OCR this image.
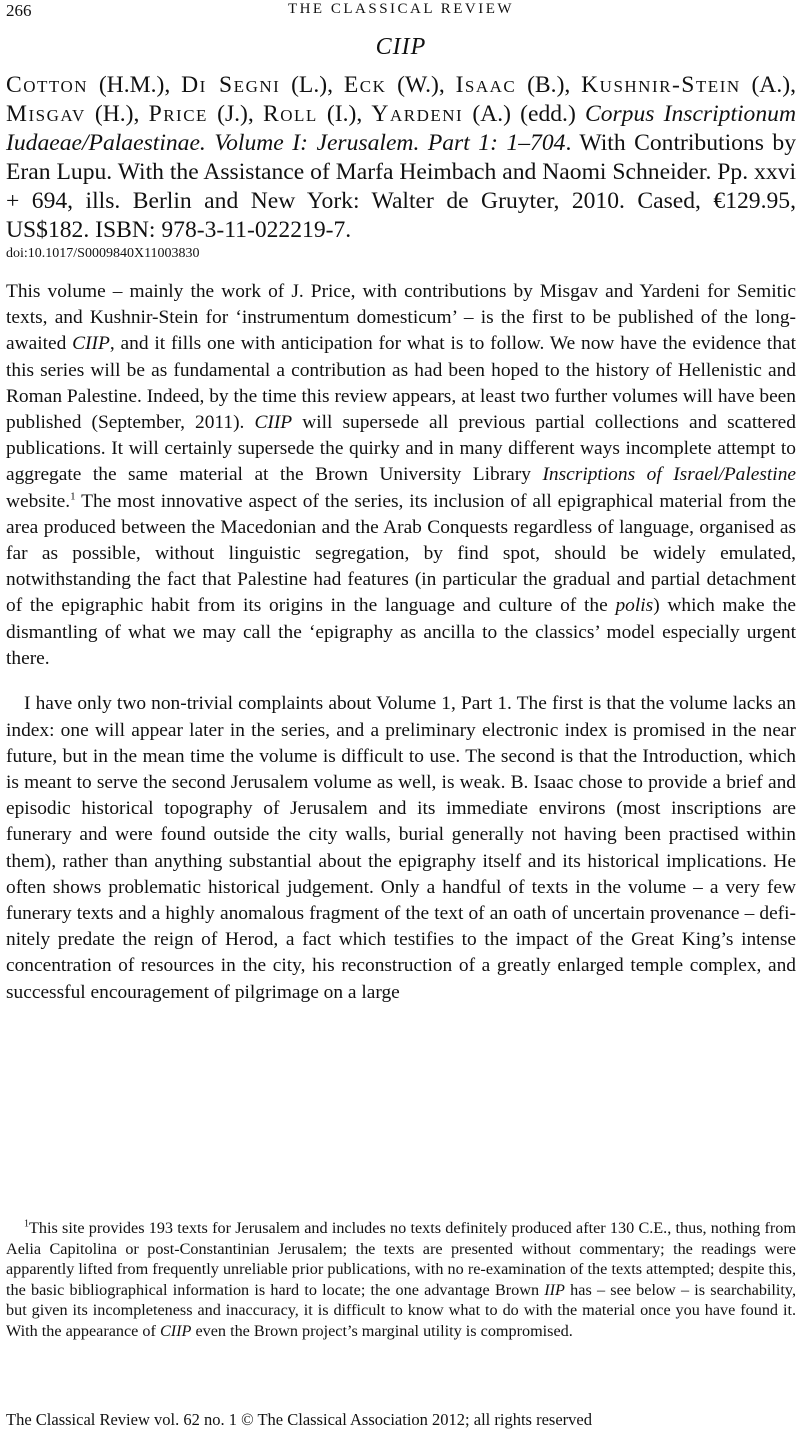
266	THE CLASSICAL REVIEW
CIIP
Cotton (H.M.), Di Segni (L.), Eck (W.), Isaac (B.), Kushnir-Stein (A.), Misgav (H.), Price (J.), Roll (I.), Yardeni (A.) (edd.) Corpus Inscriptionum Iudaeae/Palaestinae. Volume I: Jerusalem. Part 1: 1–704. With Contributions by Eran Lupu. With the Assistance of Marfa Heimbach and Naomi Schneider. Pp. xxvi + 694, ills. Berlin and New York: Walter de Gruyter, 2010. Cased, €129.95, US$182. ISBN: 978-3-11-022219-7.
doi:10.1017/S0009840X11003830

This volume – mainly the work of J. Price, with contributions by Misgav and Yardeni for Semitic texts, and Kushnir-Stein for ‘instrumentum domesticum’ – is the first to be published of the long-awaited CIIP, and it fills one with anticipation for what is to follow. We now have the evidence that this series will be as fundamental a contribution as had been hoped to the history of Hellenistic and Roman Palestine. Indeed, by the time this review appears, at least two further volumes will have been published (September, 2011). CIIP will supersede all previous partial collections and scattered publications. It will certainly supersede the quirky and in many different ways incomplete attempt to aggregate the same material at the Brown University Library Inscriptions of Israel/Palestine website.$^1$ The most innovative aspect of the series, its inclusion of all epigraphical material from the area produced between the Macedonian and the Arab Conquests regardless of language, organised as far as possible, without linguistic segregation, by find spot, should be widely emulated, notwithstanding the fact that Palestine had features (in particular the gradual and partial detachment of the epigraphic habit from its origins in the language and culture of the polis) which make the dismantling of what we may call the ‘epigraphy as ancilla to the classics’ model especially urgent there.

I have only two non-trivial complaints about Volume 1, Part 1. The first is that the volume lacks an index: one will appear later in the series, and a preliminary electronic index is promised in the near future, but in the mean time the volume is difficult to use. The second is that the Introduction, which is meant to serve the second Jerusalem volume as well, is weak. B. Isaac chose to provide a brief and episodic historical topography of Jerusalem and its immediate environs (most inscriptions are funerary and were found outside the city walls, burial generally not having been practised within them), rather than anything substantial about the epigraphy itself and its historical implications. He often shows problematic historical judgement. Only a handful of texts in the volume – a very few funerary texts and a highly anomalous fragment of the text of an oath of uncertain provenance – definitely predate the reign of Herod, a fact which testifies to the impact of the Great King’s intense concentration of resources in the city, his reconstruction of a greatly enlarged temple complex, and successful encouragement of pilgrimage on a large

$^1$This site provides 193 texts for Jerusalem and includes no texts definitely produced after 130 C.E., thus, nothing from Aelia Capitolina or post-Constantinian Jerusalem; the texts are presented without commentary; the readings were apparently lifted from frequently unreliable prior publications, with no re-examination of the texts attempted; despite this, the basic bibliographical information is hard to locate; the one advantage Brown IIP has – see below – is searchability, but given its incompleteness and inaccuracy, it is difficult to know what to do with the material once you have found it. With the appearance of CIIP even the Brown project’s marginal utility is compromised.
The Classical Review vol. 62 no. 1 © The Classical Association 2012; all rights reserved
